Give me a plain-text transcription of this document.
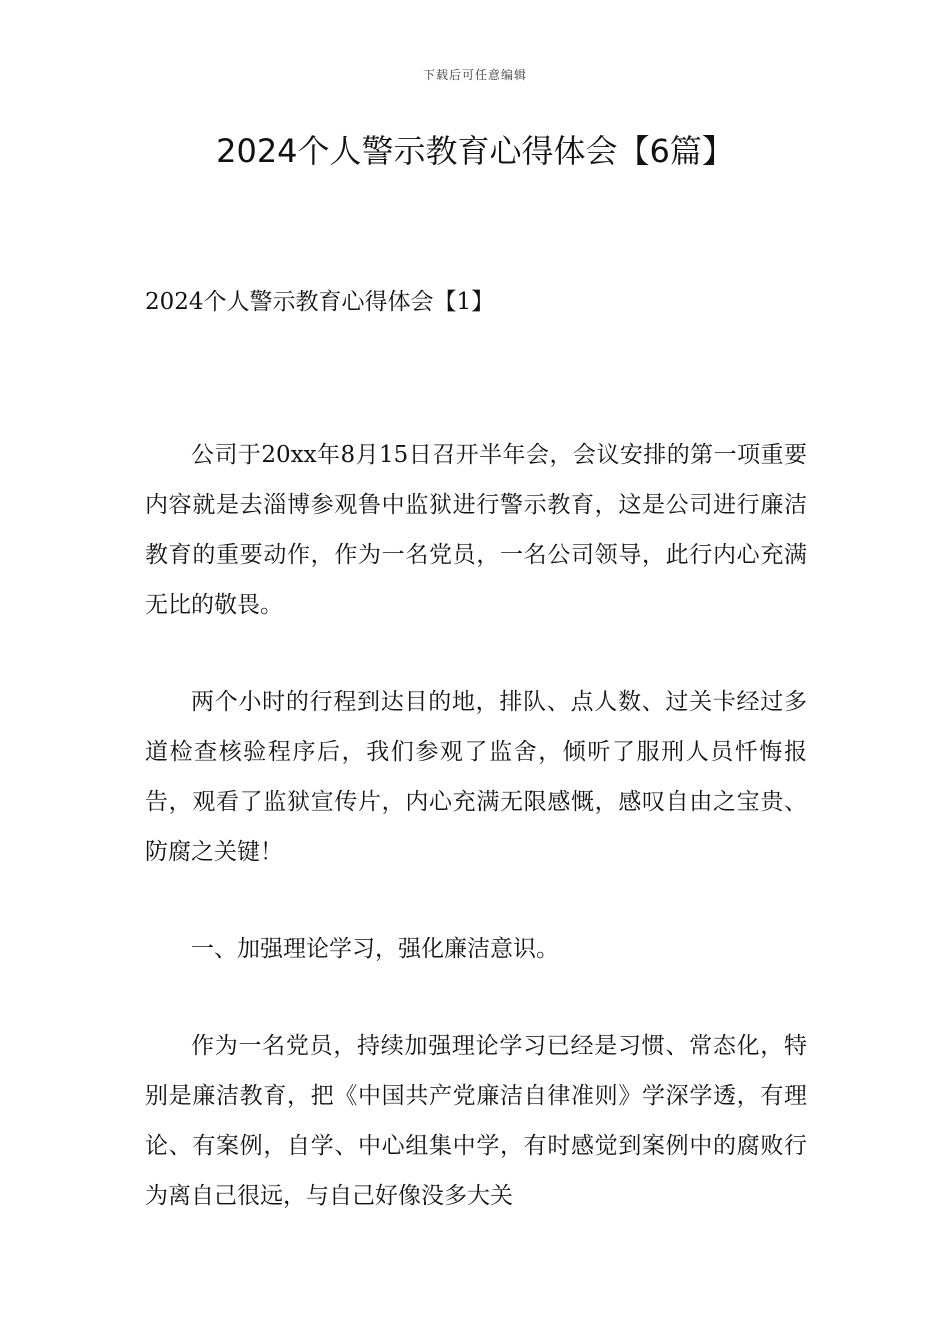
下载后可任意编辑
2024个人警示教育心得体会【6篇】

2024个人警示教育心得体会【1】

公司于20xx年8月15日召开半年会，会议安排的第一项重要内容就是去淄博参观鲁中监狱进行警示教育，这是公司进行廉洁教育的重要动作，作为一名党员，一名公司领导，此行内心充满无比的敬畏。

两个小时的行程到达目的地，排队、点人数、过关卡经过多道检查核验程序后，我们参观了监舍，倾听了服刑人员忏悔报告，观看了监狱宣传片，内心充满无限感慨，感叹自由之宝贵、防腐之关键！

一、加强理论学习，强化廉洁意识。

作为一名党员，持续加强理论学习已经是习惯、常态化，特别是廉洁教育，把《中国共产党廉洁自律准则》学深学透，有理论、有案例，自学、中心组集中学，有时感觉到案例中的腐败行为离自己很远，与自己好像没多大关
